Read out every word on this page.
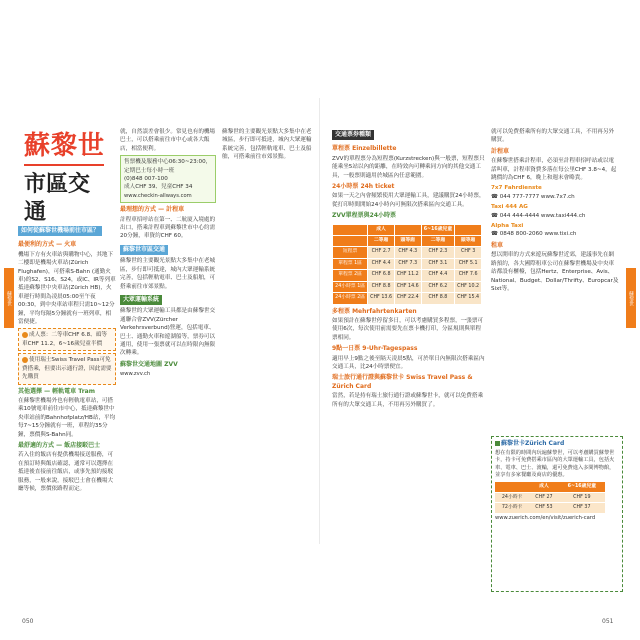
蘇黎世
市區交通
如何從蘇黎世機場前往市區？
最便利的方式 — 火車

機場下方有火車站與購物中心，其地下二樓即是機場火車站(Zürich Flughafen)，可搭乘S-Bahn (通勤火車)的S2、S16、S24，或IC、IR等列車抵達蘇黎世中央車站(Zürich HB)，火車運行時間為凌晨05:00至午夜00:30，到中央車站車程只需10~12分鐘，平均每隔5分鐘就有一班列車，相當便捷。

成人票：二等車CHF 6.8、頭等車CHF 11.2，6~16歲兒童半價
使用瑞士Swiss Travel Pass可免費搭乘，但要出示通行證，因此需要先購買
其他選擇 — 輕軌電車 Tram

在蘇黎世機場外也有輕軌電車站，可搭乘10號電車前往市中心，抵達蘇黎世中央車站前的Bahnhofplatz/HB站，平均每7~15分鐘就有一班，車程約35分鐘，票價與S-Bahn同。

最舒適的方式 — 飯店接駁巴士

若入住的飯店有提供機場接送服務，可在預訂時與飯店確認，通常可以選擇在抵達後直接前往飯店，或事先預約接駁服務，一般來說，接駁巴士會在機場大廳等候，票價依路程而定。

就，自然誤差會很少。常見也有的機場巴士，可以搭乘前往市中心或各大飯店，相當便利。

售票機及服務中心06:30~23:00，定期巴士每小時一班
(0)848 007-100
成人CHF 39、兒童CHF 34
www.checkin-allways.com
最理想的方式 — 計程車

計程車招呼站在第一、二航廈入境處的出口，搭乘計程車到蘇黎世市中心約需20分鐘，車資約CHF 60。

蘇黎世市區交通

蘇黎世的主要觀光景點大多集中在老城區，步行即可抵達，城內大眾運輸系統完善，包括輕軌電車、巴士及船舶，可搭乘前往市郊景點。

大眾運輸系統

蘇黎世的大眾運輸工具都是由蘇黎世交通聯合會ZVV(Zürcher Verkehrsverbund)營運，包括電車、巴士、通勤火車和遊湖船等，票券可以通用，使用一張票就可以在時限內無限次轉乘。

蘇黎世交通地圖 ZVV
www.zvv.ch

蘇黎世的主要觀光景點大多集中在老城區，步行即可抵達，城內大眾運輸系統完善，包括輕軌電車、巴士及船舶，可搭乘前往市郊景點。

050
蘇黎世
交通票券種類
單程票 Einzelbillette

ZVV的單程票分為短程票(Kurzstrecken)與一般票，短程票只能乘坐5站以內的距離，在時效內可轉乘同方向的其他交通工具，一般票則適用於城區內任意範圍。

24小時票 24h ticket

如果一天之內會頻繁使用大眾運輸工具，建議購買24小時票，從打印時間開始24小時內可無限次搭乘區內交通工具。

ZVV單程票與24小時票
	成人		6~16歲兒童	
	二等廂	頭等廂	二等廂	頭等廂
短程票	CHF 2.7	CHF 4.3	CHF 2.3	CHF 3
單程票 1區	CHF 4.4	CHF 7.3	CHF 3.1	CHF 5.1
單程票 2區	CHF 6.8	CHF 11.2	CHF 4.4	CHF 7.6
24小時票 1區	CHF 8.8	CHF 14.6	CHF 6.2	CHF 10.2
24小時票 2區	CHF 13.6	CHF 22.4	CHF 8.8	CHF 15.4
多程票 Mehrfahrtenkarten

如果預計在蘇黎世停留多日，可以考慮購買多程票，一張票可使用6次，每次使用前需要先在票卡機打印，分區規則與單程票相同。

9點一日票 9-Uhr-Tagespass

適用早上9點之後至隔天凌晨5點，可於單日內無限次搭乘區內交通工具，比24小時票便宜。

瑞士旅行通行證與蘇黎世卡 Swiss Travel Pass & Zürich Card

當然，若是持有瑞士旅行通行證或蘇黎世卡，就可以免費搭乘所有的大眾交通工具，不用再另外購買了。

就可以免費搭乘所有的大眾交通工具，不用再另外購買。

計程車

在蘇黎世搭乘計程車，必須至計程車招呼站或以電話叫車，計程車資費多落在每公里CHF 3.8~4，起跳價約為CHF 6，晚上和週末會略貴。

7x7 Fahrdienste
☎ 044 777-7777 www.7x7.ch
Taxi 444 AG
☎ 044 444-4444 www.taxi444.ch
Alpha Taxi
☎ 0848 800-2060 www.tixi.ch
租車

想以開車的方式來遊玩蘇黎世近郊，建議事先在網路預約，各大國際租車公司在蘇黎世機場及中央車站都設有櫃檯，包括Hertz、Enterprise、Avis、National、Budget、Dollar/Thrifty、Europcar及Sixt等。

蘇黎世卡Zürich Card
想在有限的時間內玩遍蘇黎世，可以考慮購買蘇黎世卡，持卡可免費搭乘市區內的大眾運輸工具，包括火車、電車、巴士、渡輪，還可免費進入多間博物館，並享有多家餐廳及商店的優惠。
	成人	6~16歲兒童
24小時卡	CHF 27	CHF 19
72小時卡	CHF 53	CHF 37
www.zuerich.com/en/visit/zuerich-card
051
蘇黎世
